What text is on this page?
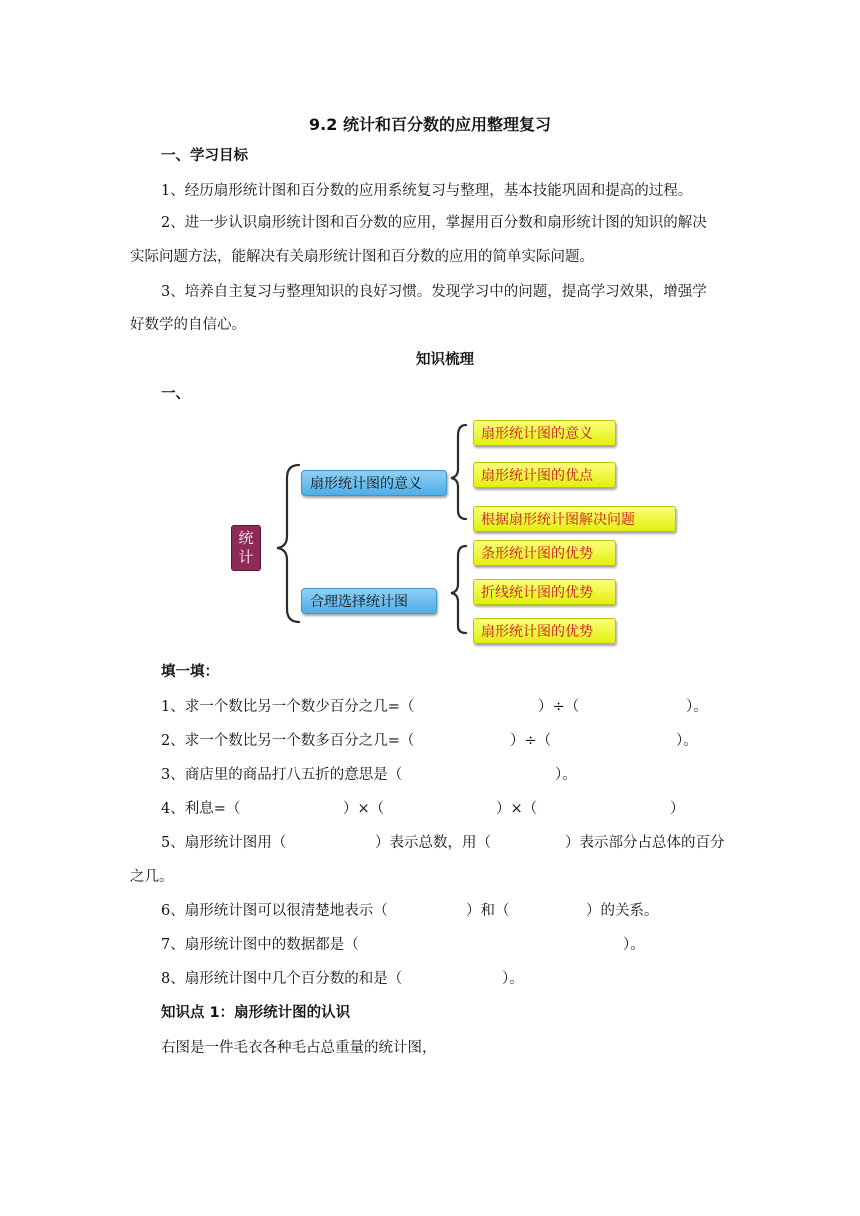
9.2 统计和百分数的应用整理复习
一、学习目标
1、经历扇形统计图和百分数的应用系统复习与整理，基本技能巩固和提高的过程。
2、进一步认识扇形统计图和百分数的应用，掌握用百分数和扇形统计图的知识的解决
实际问题方法，能解决有关扇形统计图和百分数的应用的简单实际问题。
3、培养自主复习与整理知识的良好习惯。发现学习中的问题，提高学习效果，增强学
好数学的自信心。
知识梳理
一、
统计
扇形统计图的意义
合理选择统计图
扇形统计图的意义
扇形统计图的优点
根据扇形统计图解决问题
条形统计图的优势
折线统计图的优势
扇形统计图的优势
填一填：
1、求一个数比另一个数少百分之几=（	）÷（	）。
2、求一个数比另一个数多百分之几=（	）÷（	）。
3、商店里的商品打八五折的意思是（	）。
4、利息=（	）×（	）×（	）
5、扇形统计图用（	）表示总数，用（	）表示部分占总体的百分
之几。
6、扇形统计图可以很清楚地表示（	）和（	）的关系。
7、扇形统计图中的数据都是（	）。
8、扇形统计图中几个百分数的和是（	）。
知识点 1：扇形统计图的认识
右图是一件毛衣各种毛占总重量的统计图，
